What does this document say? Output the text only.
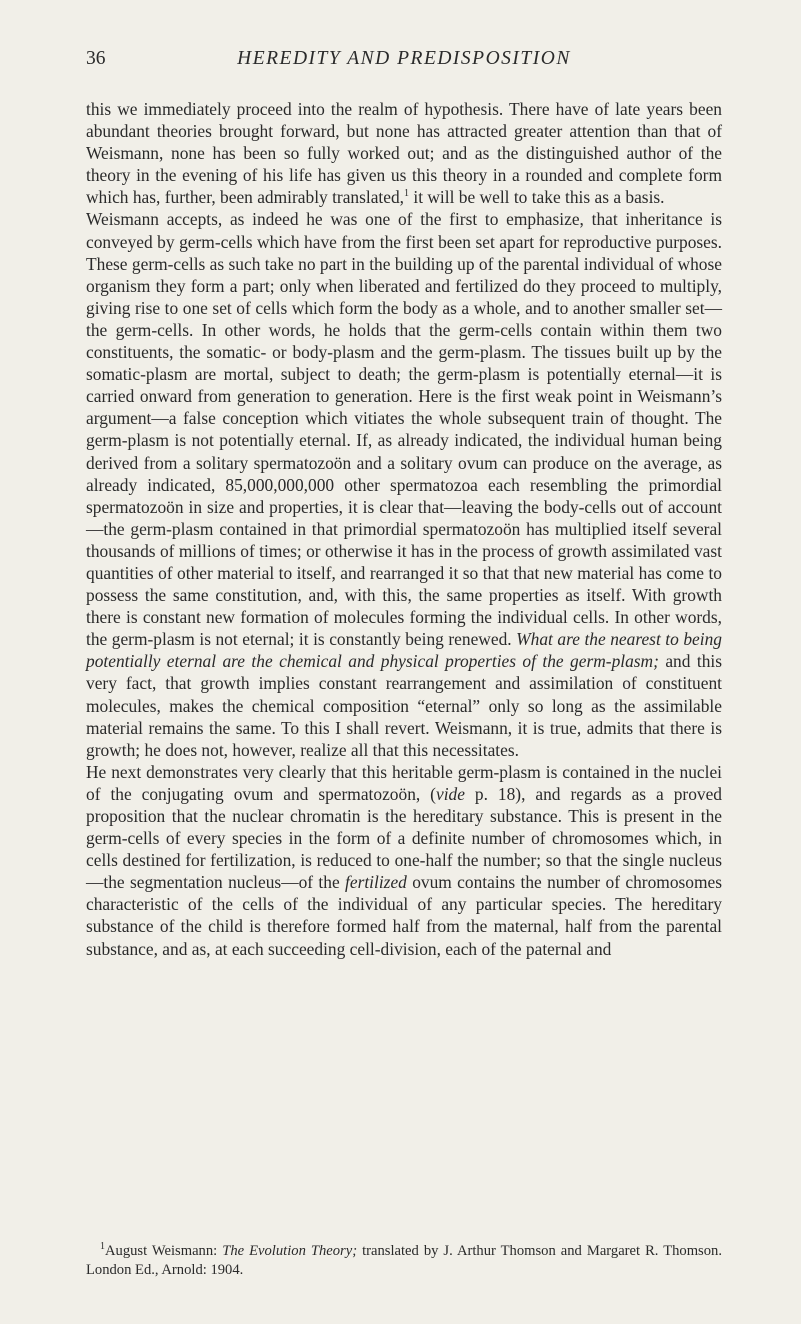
36	HEREDITY AND PREDISPOSITION

this we immediately proceed into the realm of hypothesis. There have of late years been abundant theories brought forward, but none has attracted greater attention than that of Weismann, none has been so fully worked out; and as the distinguished author of the theory in the evening of his life has given us this theory in a rounded and complete form which has, further, been admirably translated,$^1$ it will be well to take this as a basis.

Weismann accepts, as indeed he was one of the first to emphasize, that inheritance is conveyed by germ-cells which have from the first been set apart for reproductive purposes. These germ-cells as such take no part in the building up of the parental individual of whose organism they form a part; only when liberated and fertilized do they proceed to multiply, giving rise to one set of cells which form the body as a whole, and to another smaller set—the germ-cells. In other words, he holds that the germ-cells contain within them two constituents, the somatic- or body-plasm and the germ-plasm. The tissues built up by the somatic-plasm are mortal, subject to death; the germ-plasm is potentially eternal—it is carried onward from generation to generation. Here is the first weak point in Weismann’s argument—a false conception which vitiates the whole subsequent train of thought. The germ-plasm is not potentially eternal. If, as already indicated, the individual human being derived from a solitary spermatozoön and a solitary ovum can produce on the average, as already indicated, 85,000,000,000 other spermatozoa each resembling the primordial spermatozoön in size and properties, it is clear that—leaving the body-cells out of account—the germ-plasm contained in that primordial spermatozoön has multiplied itself several thousands of millions of times; or otherwise it has in the process of growth assimilated vast quantities of other material to itself, and rearranged it so that that new material has come to possess the same constitution, and, with this, the same properties as itself. With growth there is constant new formation of molecules forming the individual cells. In other words, the germ-plasm is not eternal; it is constantly being renewed. What are the nearest to being potentially eternal are the chemical and physical properties of the germ-plasm; and this very fact, that growth implies constant rearrangement and assimilation of constituent molecules, makes the chemical composition “eternal” only so long as the assimilable material remains the same. To this I shall revert. Weismann, it is true, admits that there is growth; he does not, however, realize all that this necessitates.

He next demonstrates very clearly that this heritable germ-plasm is contained in the nuclei of the conjugating ovum and spermatozoön, (vide p. 18), and regards as a proved proposition that the nuclear chromatin is the hereditary substance. This is present in the germ-cells of every species in the form of a definite number of chromosomes which, in cells destined for fertilization, is reduced to one-half the number; so that the single nucleus—the segmentation nucleus—of the fertilized ovum contains the number of chromosomes characteristic of the cells of the individual of any particular species. The hereditary substance of the child is therefore formed half from the maternal, half from the parental substance, and as, at each succeeding cell-division, each of the paternal and

$^1$August Weismann: The Evolution Theory; translated by J. Arthur Thomson and Margaret R. Thomson. London Ed., Arnold: 1904.
